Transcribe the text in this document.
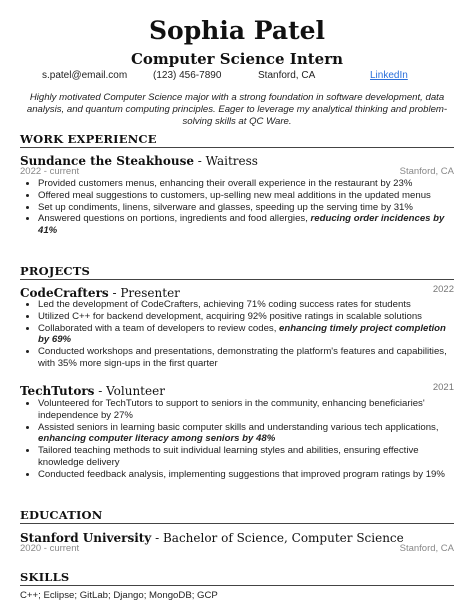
Sophia Patel
Computer Science Intern
s.patel@email.com	(123) 456-7890	Stanford, CA	LinkedIn
Highly motivated Computer Science major with a strong foundation in software development, data analysis, and quantum computing principles. Eager to leverage my analytical thinking and problem-solving skills at QC Ware.
WORK EXPERIENCE
Sundance the Steakhouse - Waitress
2022 - current	Stanford, CA
• Provided customers menus, enhancing their overall experience in the restaurant by 23%
• Offered meal suggestions to customers, up-selling new meal additions in the updated menus
• Set up condiments, linens, silverware and glasses, speeding up the serving time by 31%
• Answered questions on portions, ingredients and food allergies, reducing order incidences by 41%
PROJECTS
CodeCrafters - Presenter	2022
• Led the development of CodeCrafters, achieving 71% coding success rates for students
• Utilized C++ for backend development, acquiring 92% positive ratings in scalable solutions
• Collaborated with a team of developers to review codes, enhancing timely project completion by 69%
• Conducted workshops and presentations, demonstrating the platform's features and capabilities, with 35% more sign-ups in the first quarter
TechTutors - Volunteer	2021
• Volunteered for TechTutors to support to seniors in the community, enhancing beneficiaries' independence by 27%
• Assisted seniors in learning basic computer skills and understanding various tech applications, enhancing computer literacy among seniors by 48%
• Tailored teaching methods to suit individual learning styles and abilities, ensuring effective knowledge delivery
• Conducted feedback analysis, implementing suggestions that improved program ratings by 19%
EDUCATION
Stanford University - Bachelor of Science, Computer Science
2020 - current	Stanford, CA
SKILLS
C++; Eclipse; GitLab; Django; MongoDB; GCP
